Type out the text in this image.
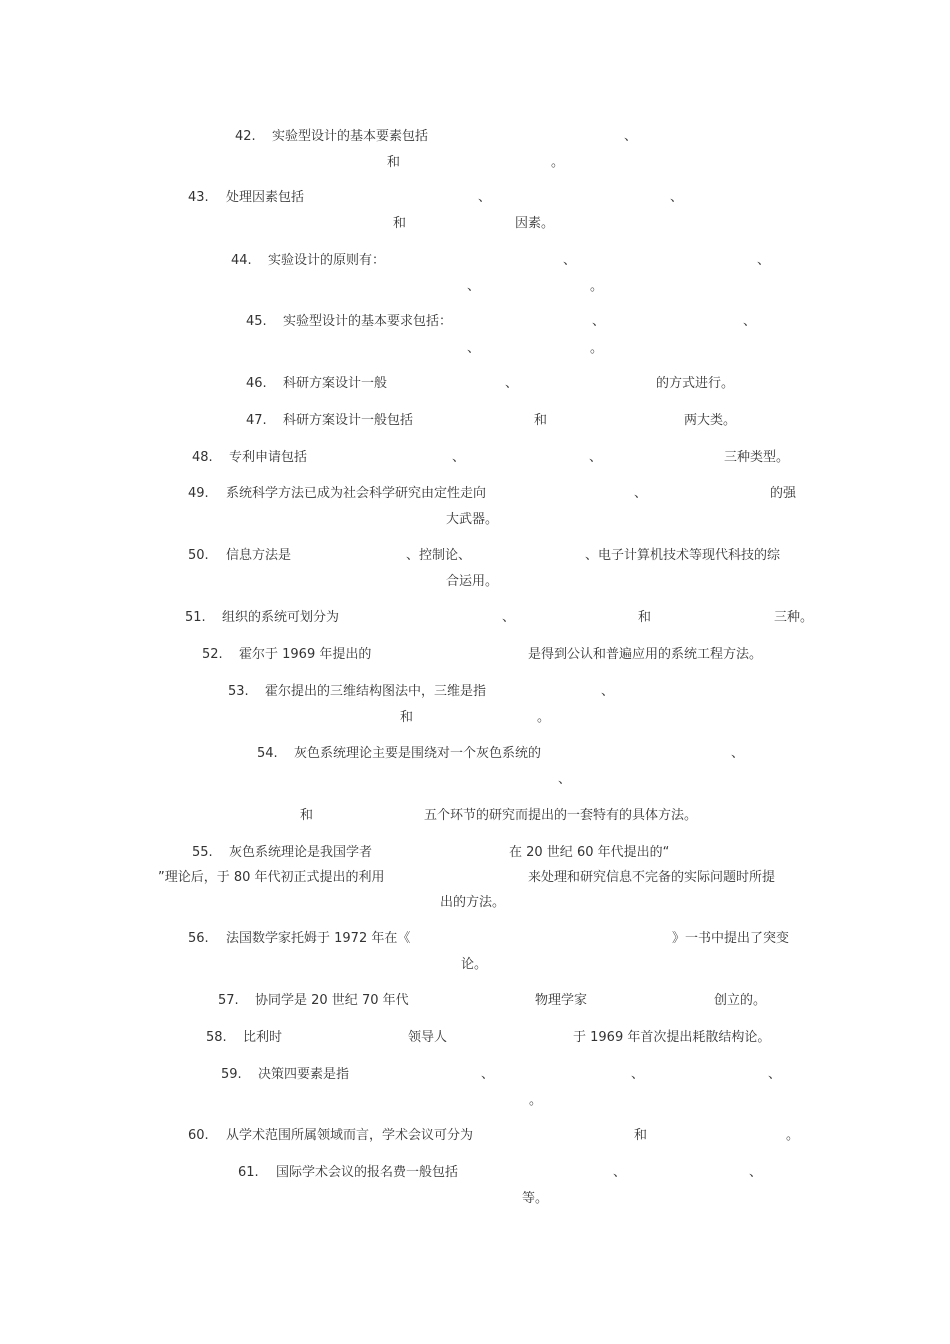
42. 实验型设计的基本要素包括	、
和	。
43. 处理因素包括	、	、
和	因素。
44. 实验设计的原则有：	、	、
、	。
45. 实验型设计的基本要求包括：	、	、
、	。
46. 科研方案设计一般	、	的方式进行。
47. 科研方案设计一般包括	和	两大类。
48. 专利申请包括	、	、	三种类型。
49. 系统科学方法已成为社会科学研究由定性走向	、	的强
大武器。
50. 信息方法是	、控制论、	、电子计算机技术等现代科技的综
合运用。
51. 组织的系统可划分为	、	和	三种。
52. 霍尔于 1969 年提出的	是得到公认和普遍应用的系统工程方法。
53. 霍尔提出的三维结构图法中，三维是指	、
和	。
54. 灰色系统理论主要是围绕对一个灰色系统的	、
、
和	五个环节的研究而提出的一套特有的具体方法。
55. 灰色系统理论是我国学者	在 20 世纪 60 年代提出的“
”理论后，于 80 年代初正式提出的利用	来处理和研究信息不完备的实际问题时所提
出的方法。
56. 法国数学家托姆于 1972 年在《	》一书中提出了突变
论。
57. 协同学是 20 世纪 70 年代	物理学家	创立的。
58. 比利时	领导人	于 1969 年首次提出耗散结构论。
59. 决策四要素是指	、	、	、
。
60. 从学术范围所属领域而言，学术会议可分为	和	。
61. 国际学术会议的报名费一般包括	、	、
等。
